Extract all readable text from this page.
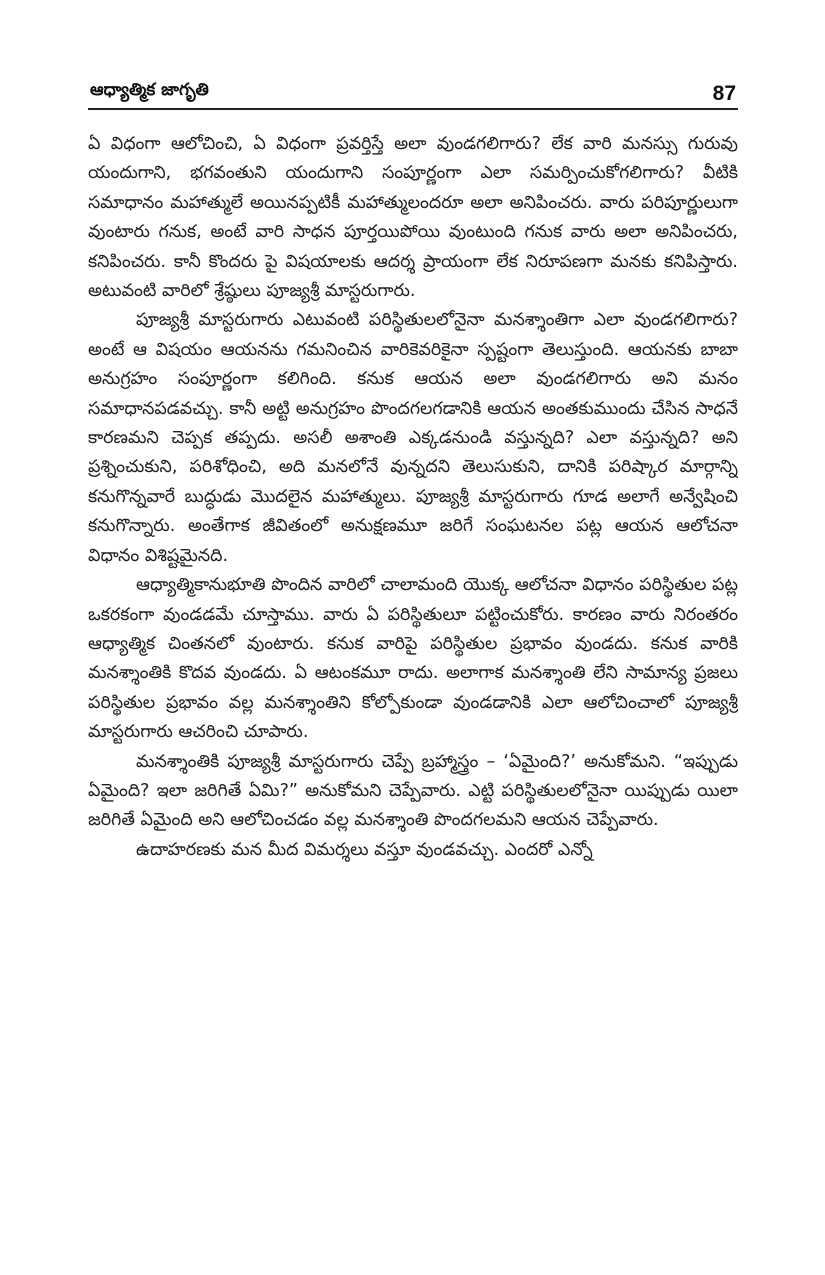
ఆధ్యాత్మిక జాగృతి	87

ఏ విధంగా ఆలోచించి, ఏ విధంగా ప్రవర్తిస్తే అలా వుండగలిగారు? లేక వారి మనస్సు గురువు యందుగాని, భగవంతుని యందుగాని సంపూర్ణంగా ఎలా సమర్పించుకోగలిగారు? వీటికి సమాధానం మహాత్ములే అయినప్పటికీ మహాత్ములందరూ అలా అనిపించరు. వారు పరిపూర్ణులుగా వుంటారు గనుక, అంటే వారి సాధన పూర్తయిపోయి వుంటుంది గనుక వారు అలా అనిపించరు, కనిపించరు. కానీ కొందరు పై విషయాలకు ఆదర్శ ప్రాయంగా లేక నిరూపణగా మనకు కనిపిస్తారు. అటువంటి వారిలో శ్రేష్ఠులు పూజ్యశ్రీ మాస్టరుగారు.

పూజ్యశ్రీ మాస్టరుగారు ఎటువంటి పరిస్థితులలోనైనా మనశ్శాంతిగా ఎలా వుండగలిగారు? అంటే ఆ విషయం ఆయనను గమనించిన వారికెవరికైనా స్పష్టంగా తెలుస్తుంది. ఆయనకు బాబా అనుగ్రహం సంపూర్ణంగా కలిగింది. కనుక ఆయన అలా వుండగలిగారు అని మనం సమాధానపడవచ్చు. కానీ అట్టి అనుగ్రహం పొందగలగడానికి ఆయన అంతకుముందు చేసిన సాధనే కారణమని చెప్పక తప్పదు. అసలీ అశాంతి ఎక్కడనుండి వస్తున్నది? ఎలా వస్తున్నది? అని ప్రశ్నించుకుని, పరిశోధించి, అది మనలోనే వున్నదని తెలుసుకుని, దానికి పరిష్కార మార్గాన్ని కనుగొన్నవారే బుద్ధుడు మొదలైన మహాత్ములు. పూజ్యశ్రీ మాస్టరుగారు గూడ అలాగే అన్వేషించి కనుగొన్నారు. అంతేగాక జీవితంలో అనుక్షణమూ జరిగే సంఘటనల పట్ల ఆయన ఆలోచనా విధానం విశిష్టమైనది.

ఆధ్యాత్మికానుభూతి పొందిన వారిలో చాలామంది యొక్క ఆలోచనా విధానం పరిస్థితుల పట్ల ఒకరకంగా వుండడమే చూస్తాము. వారు ఏ పరిస్థితులూ పట్టించుకోరు. కారణం వారు నిరంతరం ఆధ్యాత్మిక చింతనలో వుంటారు. కనుక వారిపై పరిస్థితుల ప్రభావం వుండదు. కనుక వారికి మనశ్శాంతికి కొదవ వుండదు. ఏ ఆటంకమూ రాదు. అలాగాక మనశ్శాంతి లేని సామాన్య ప్రజలు పరిస్థితుల ప్రభావం వల్ల మనశ్శాంతిని కోల్పోకుండా వుండడానికి ఎలా ఆలోచించాలో పూజ్యశ్రీ మాస్టరుగారు ఆచరించి చూపారు.

మనశ్శాంతికి పూజ్యశ్రీ మాస్టరుగారు చెప్పే బ్రహ్మాస్త్రం – ‘ఏమైంది?’ అనుకోమని. “ఇప్పుడు ఏమైంది? ఇలా జరిగితే ఏమి?” అనుకోమని చెప్పేవారు. ఎట్టి పరిస్థితులలోనైనా యిప్పుడు యిలా జరిగితే ఏమైంది అని ఆలోచించడం వల్ల మనశ్శాంతి పొందగలమని ఆయన చెప్పేవారు.

ఉదాహరణకు మన మీద విమర్శలు వస్తూ వుండవచ్చు. ఎందరో ఎన్నో
